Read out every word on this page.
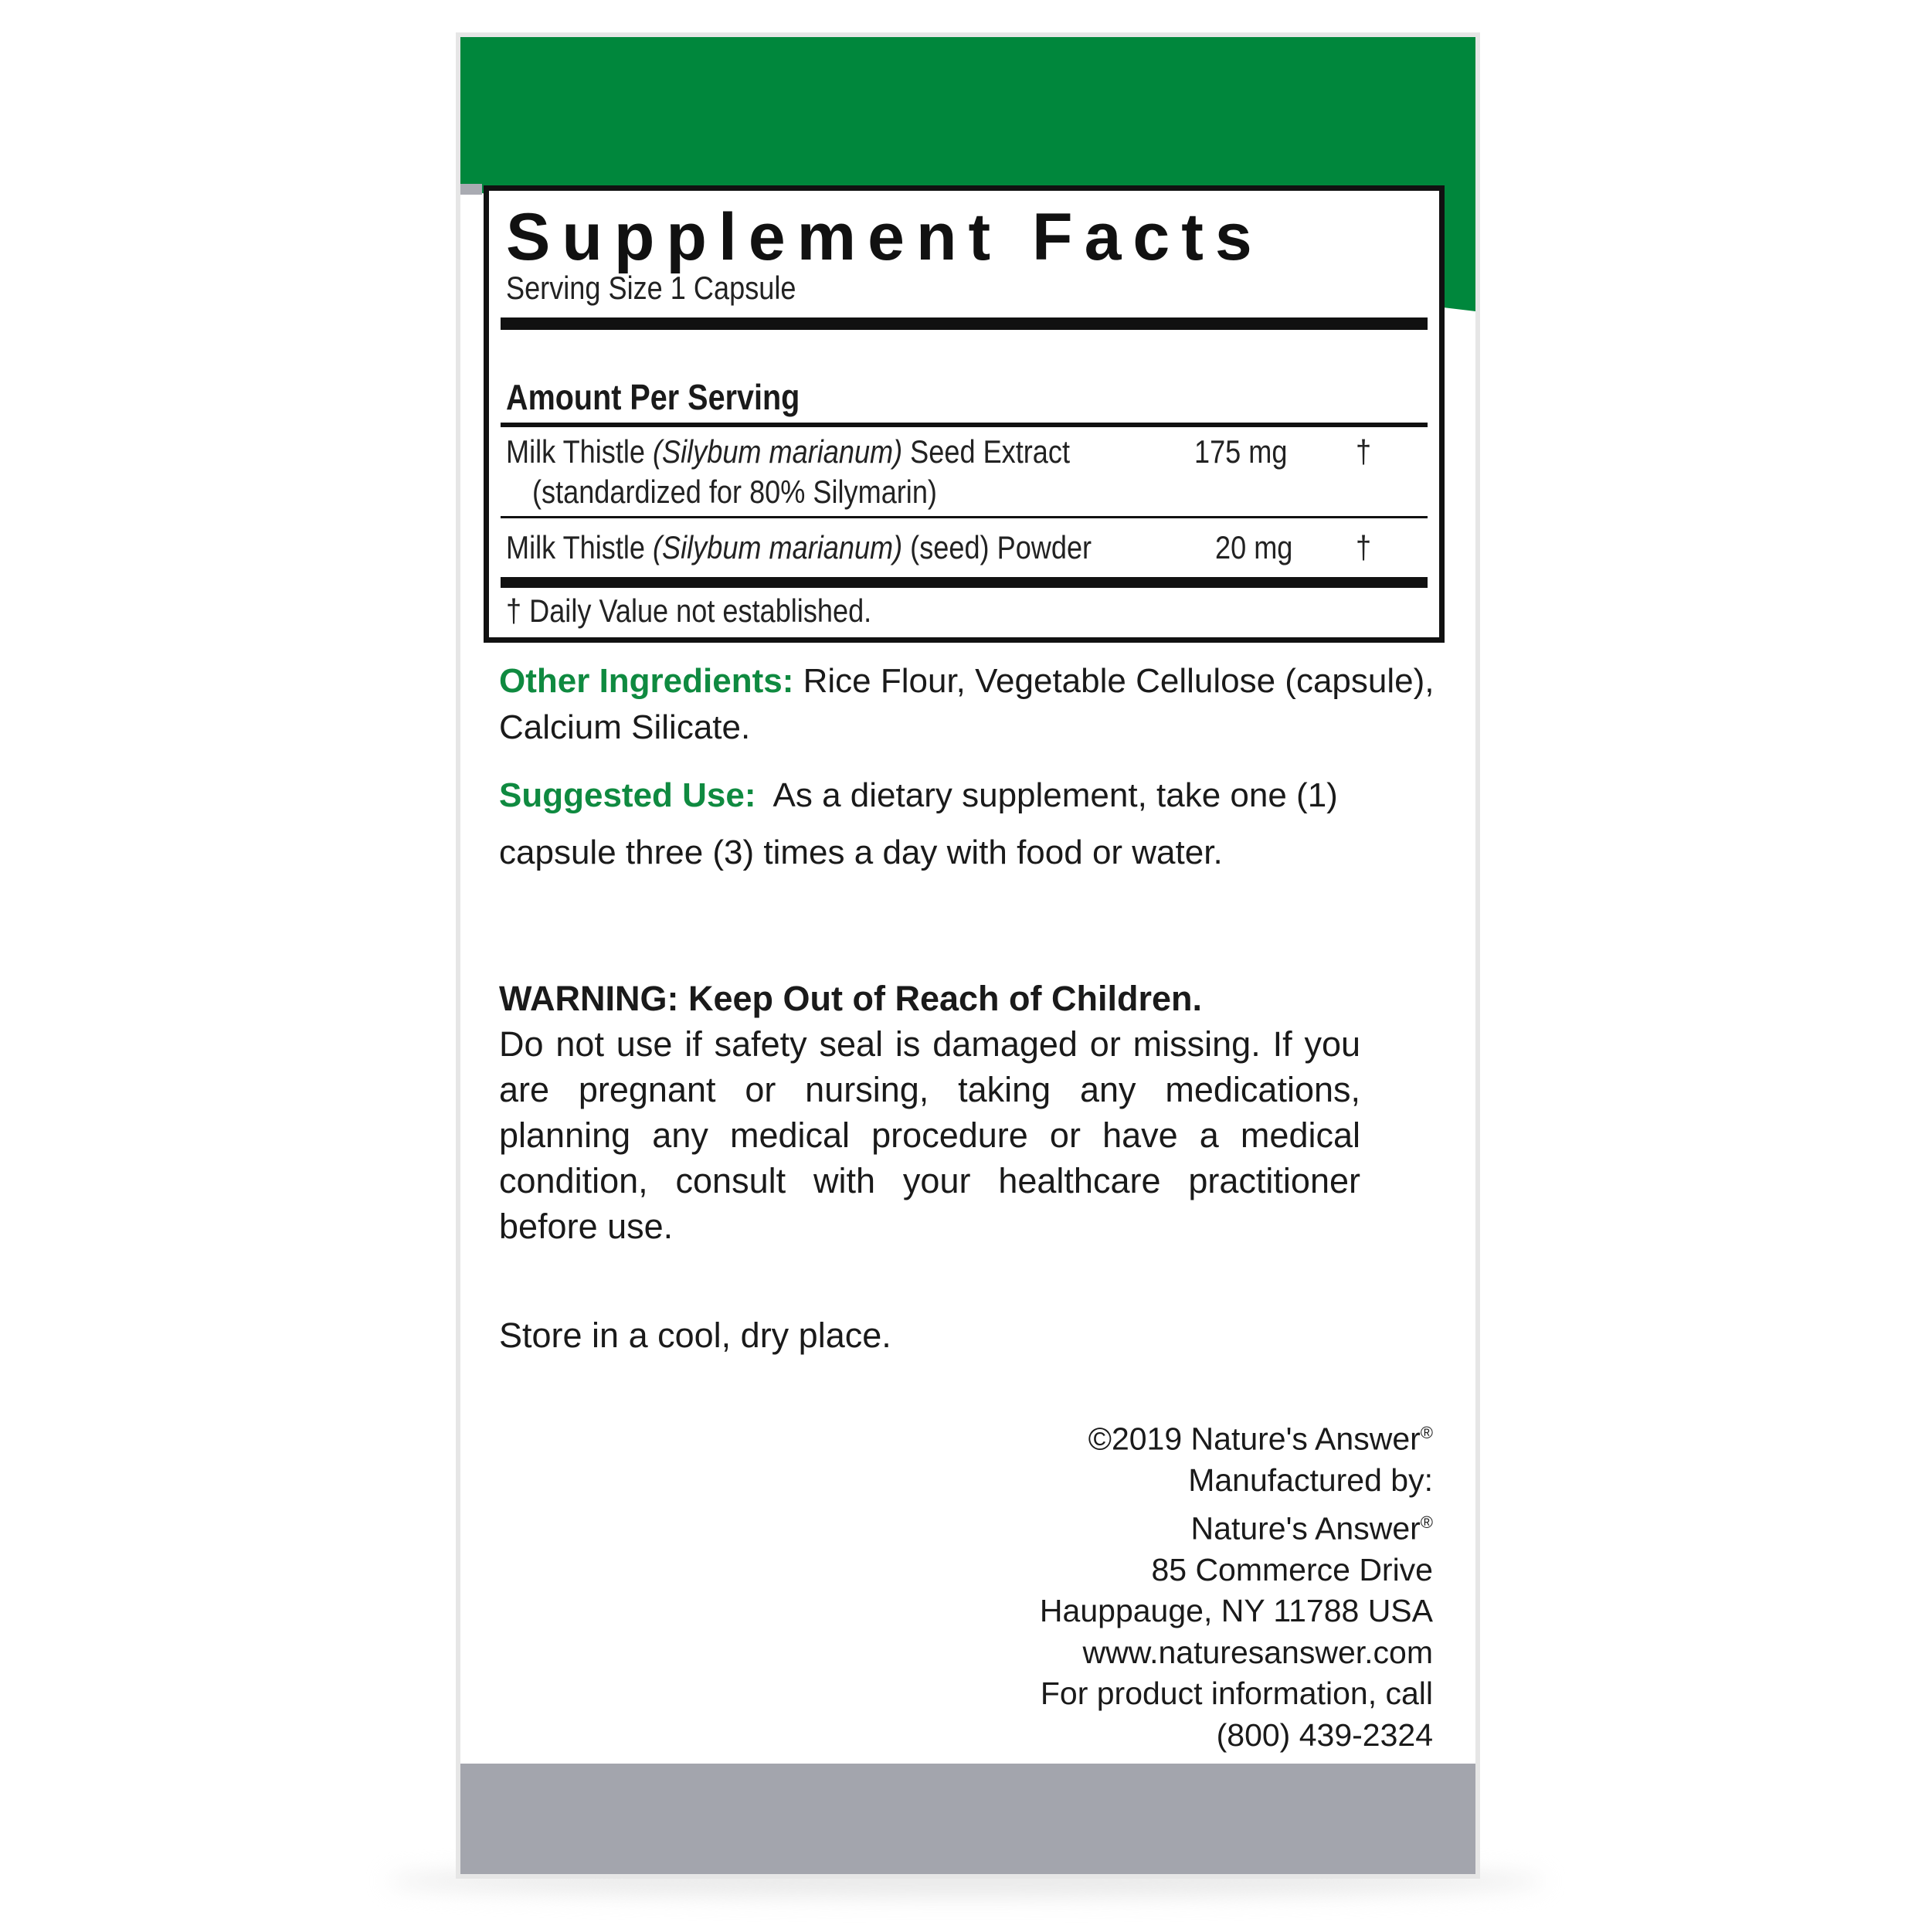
Supplement Facts
Serving Size 1 Capsule
Amount Per Serving
Milk Thistle (Silybum marianum) Seed Extract
(standardized for 80% Silymarin)
175 mg †
Milk Thistle (Silybum marianum) (seed) Powder	20 mg †
† Daily Value not established.
Other Ingredients: Rice Flour, Vegetable Cellulose (capsule),
Calcium Silicate.
Suggested Use:  As a dietary supplement, take one (1)
capsule three (3) times a day with food or water.
WARNING: Keep Out of Reach of Children.
Do not use if safety seal is damaged or missing. If you are pregnant or nursing, taking any medications, planning any medical procedure or have a medical condition, consult with your healthcare practitioner before use.
Store in a cool, dry place.
©2019 Nature's Answer®
Manufactured by:
Nature's Answer®
85 Commerce Drive
Hauppauge, NY 11788 USA
www.naturesanswer.com
For product information, call
(800) 439-2324
